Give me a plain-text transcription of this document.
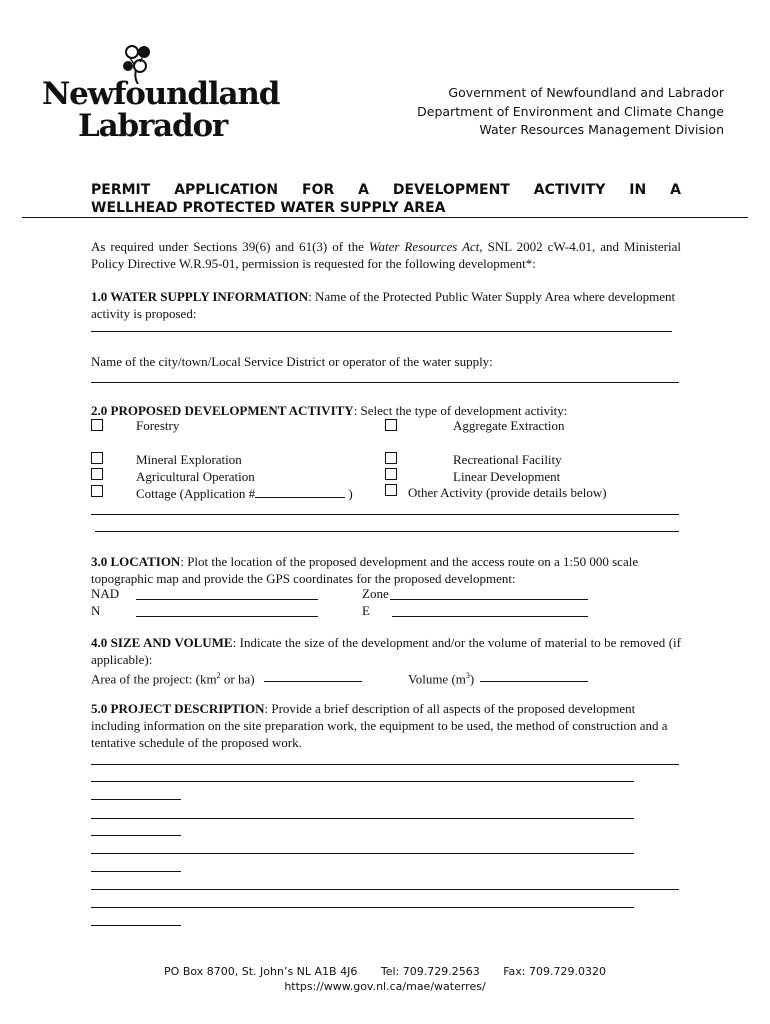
Newfoundland
Labrador
Government of Newfoundland and Labrador
Department of Environment and Climate Change
Water Resources Management Division
PERMIT APPLICATION FOR A DEVELOPMENT ACTIVITY IN A
WELLHEAD PROTECTED WATER SUPPLY AREA
As required under Sections 39(6) and 61(3) of the Water Resources Act, SNL 2002 cW-4.01, and Ministerial Policy Directive W.R.95-01, permission is requested for the following development*:
1.0 WATER SUPPLY INFORMATION: Name of the Protected Public Water Supply Area where development activity is proposed:
Name of the city/town/Local Service District or operator of the water supply:
2.0 PROPOSED DEVELOPMENT ACTIVITY: Select the type of development activity:
Forestry	Aggregate Extraction
Mineral Exploration	Recreational Facility
Agricultural Operation	Linear Development
Cottage (Application #	)	Other Activity (provide details below)
3.0 LOCATION: Plot the location of the proposed development and the access route on a 1:50 000 scale topographic map and provide the GPS coordinates for the proposed development:
NAD	Zone
N	E
4.0 SIZE AND VOLUME: Indicate the size of the development and/or the volume of material to be removed (if applicable):
Area of the project: ($km^2$ or ha)	Volume $(m^3)$
5.0 PROJECT DESCRIPTION: Provide a brief description of all aspects of the proposed development including information on the site preparation work, the equipment to be used, the method of construction and a tentative schedule of the proposed work.
PO Box 8700, St. John’s NL A1B 4J6 Tel: 709.729.2563 Fax: 709.729.0320
https://www.gov.nl.ca/mae/waterres/
